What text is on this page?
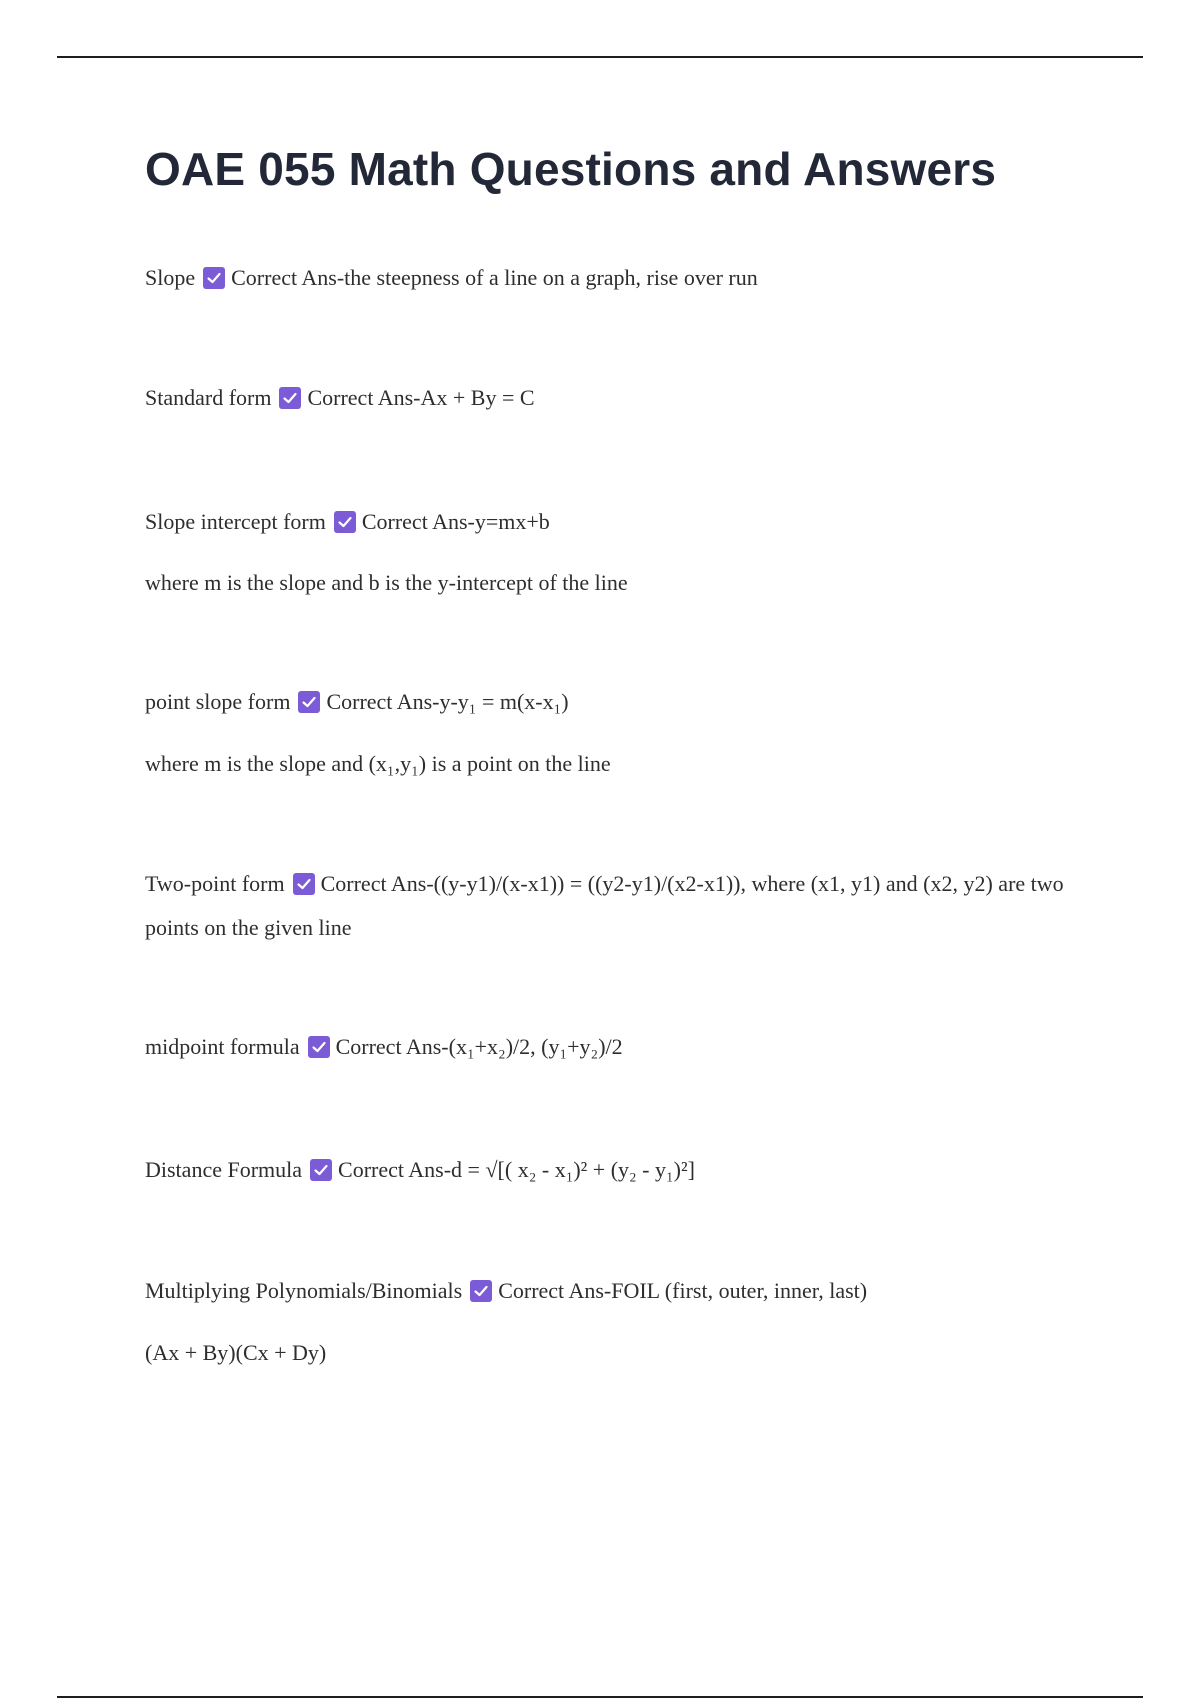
OAE 055 Math Questions and Answers
Slope Correct Ans-the steepness of a line on a graph, rise over run
Standard form Correct Ans-Ax + By = C
Slope intercept form Correct Ans-y=mx+b
where m is the slope and b is the y-intercept of the line
point slope form Correct Ans-y-y₁ = m(x-x₁)
where m is the slope and (x₁,y₁) is a point on the line
Two-point form Correct Ans-((y-y1)/(x-x1)) = ((y2-y1)/(x2-x1)), where (x1, y1) and (x2, y2) are two points on the given line
midpoint formula Correct Ans-(x₁+x₂)/2, (y₁+y₂)/2
Distance Formula Correct Ans-d = √[( x₂ - x₁)² + (y₂ - y₁)²]
Multiplying Polynomials/Binomials Correct Ans-FOIL (first, outer, inner, last)
(Ax + By)(Cx + Dy)
